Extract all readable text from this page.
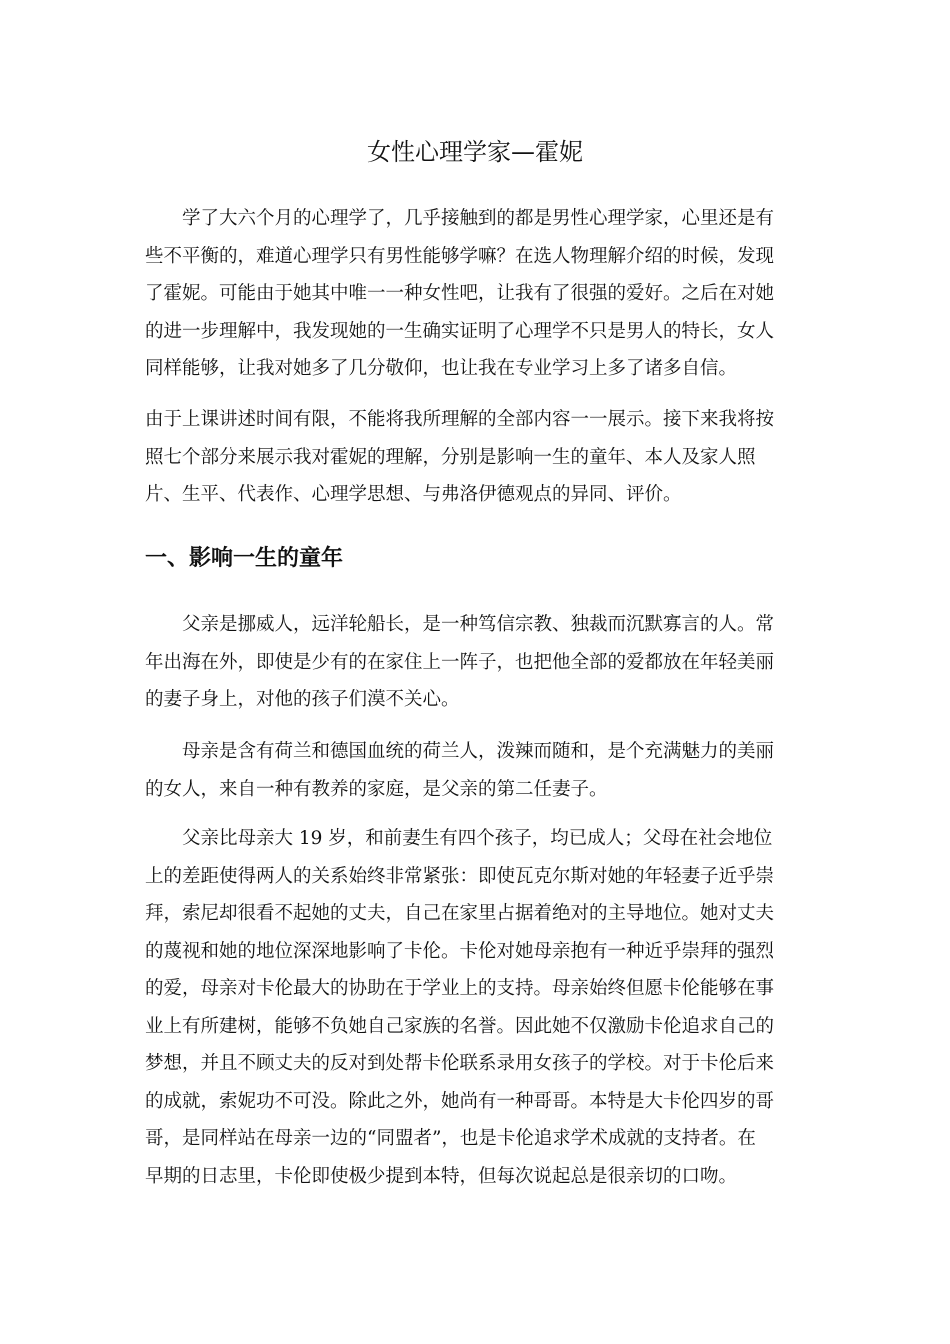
女性心理学家—霍妮

　　学了大六个月的心理学了，几乎接触到的都是男性心理学家，心里还是有
些不平衡的，难道心理学只有男性能够学嘛？在选人物理解介绍的时候，发现
了霍妮。可能由于她其中唯一一种女性吧，让我有了很强的爱好。之后在对她
的进一步理解中，我发现她的一生确实证明了心理学不只是男人的特长，女人
同样能够，让我对她多了几分敬仰，也让我在专业学习上多了诸多自信。

由于上课讲述时间有限，不能将我所理解的全部内容一一展示。接下来我将按
照七个部分来展示我对霍妮的理解，分别是影响一生的童年、本人及家人照
片、生平、代表作、心理学思想、与弗洛伊德观点的异同、评价。

一、影响一生的童年

　　父亲是挪威人，远洋轮船长，是一种笃信宗教、独裁而沉默寡言的人。常
年出海在外，即使是少有的在家住上一阵子，也把他全部的爱都放在年轻美丽
的妻子身上，对他的孩子们漠不关心。

　　母亲是含有荷兰和德国血统的荷兰人，泼辣而随和，是个充满魅力的美丽
的女人，来自一种有教养的家庭，是父亲的第二任妻子。

　　父亲比母亲大 19 岁，和前妻生有四个孩子，均已成人；父母在社会地位
上的差距使得两人的关系始终非常紧张：即使瓦克尔斯对她的年轻妻子近乎崇
拜，索尼却很看不起她的丈夫，自己在家里占据着绝对的主导地位。她对丈夫
的蔑视和她的地位深深地影响了卡伦。卡伦对她母亲抱有一种近乎崇拜的强烈
的爱，母亲对卡伦最大的协助在于学业上的支持。母亲始终但愿卡伦能够在事
业上有所建树，能够不负她自己家族的名誉。因此她不仅激励卡伦追求自己的
梦想，并且不顾丈夫的反对到处帮卡伦联系录用女孩子的学校。对于卡伦后来
的成就，索妮功不可没。除此之外，她尚有一种哥哥。本特是大卡伦四岁的哥
哥，是同样站在母亲一边的“同盟者”，也是卡伦追求学术成就的支持者。在
早期的日志里，卡伦即使极少提到本特，但每次说起总是很亲切的口吻。
